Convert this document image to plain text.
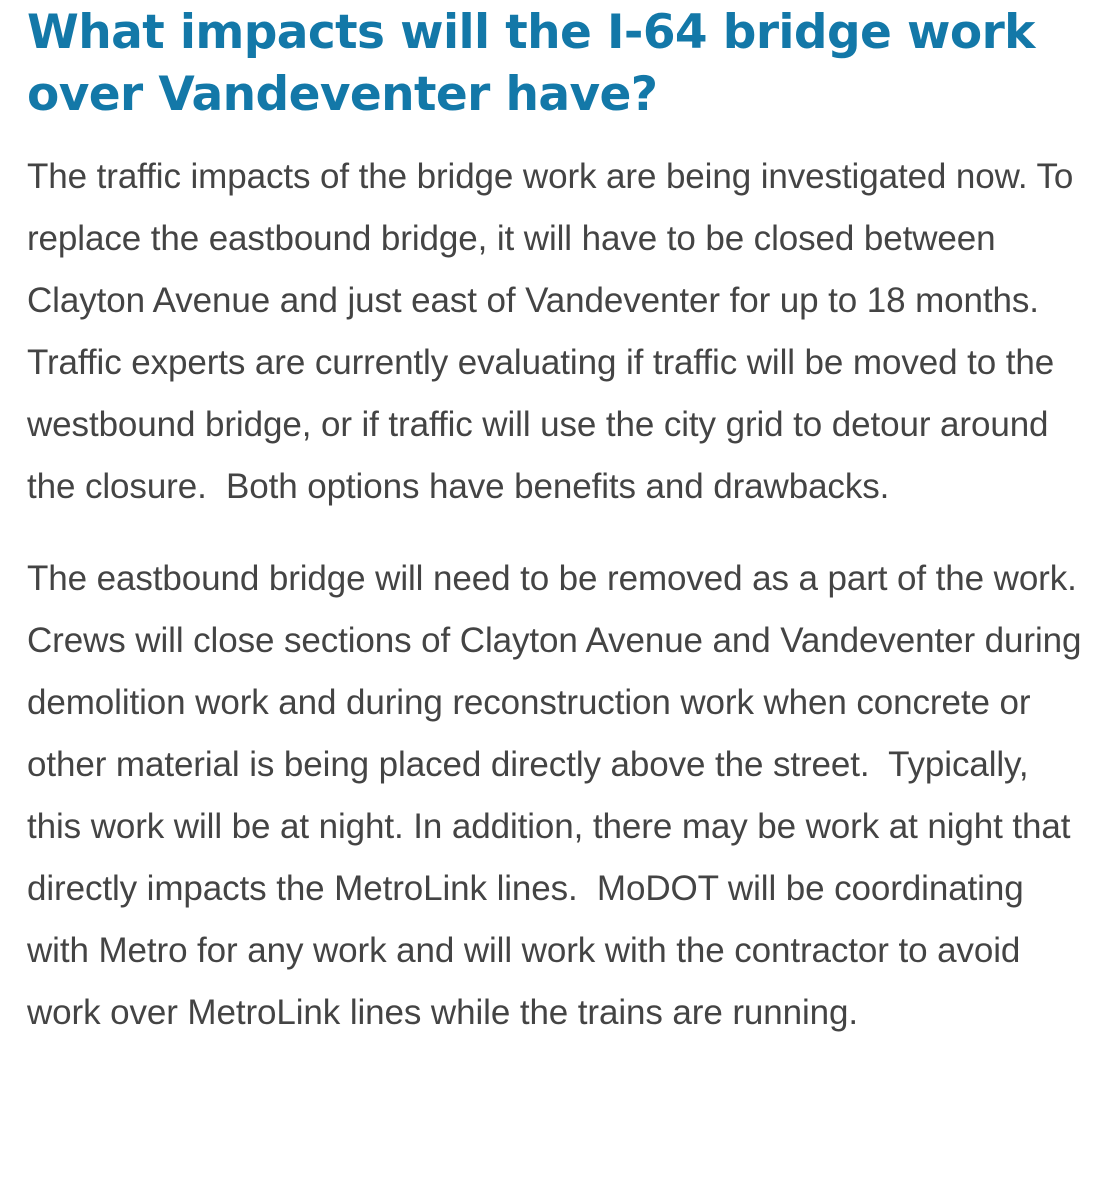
What impacts will the I-64 bridge work over Vandeventer have?

The traffic impacts of the bridge work are being investigated now. To replace the eastbound bridge, it will have to be closed between Clayton Avenue and just east of Vandeventer for up to 18 months. Traffic experts are currently evaluating if traffic will be moved to the westbound bridge, or if traffic will use the city grid to detour around the closure.  Both options have benefits and drawbacks.

The eastbound bridge will need to be removed as a part of the work. Crews will close sections of Clayton Avenue and Vandeventer during demolition work and during reconstruction work when concrete or other material is being placed directly above the street.  Typically, this work will be at night. In addition, there may be work at night that directly impacts the MetroLink lines.  MoDOT will be coordinating with Metro for any work and will work with the contractor to avoid work over MetroLink lines while the trains are running.
